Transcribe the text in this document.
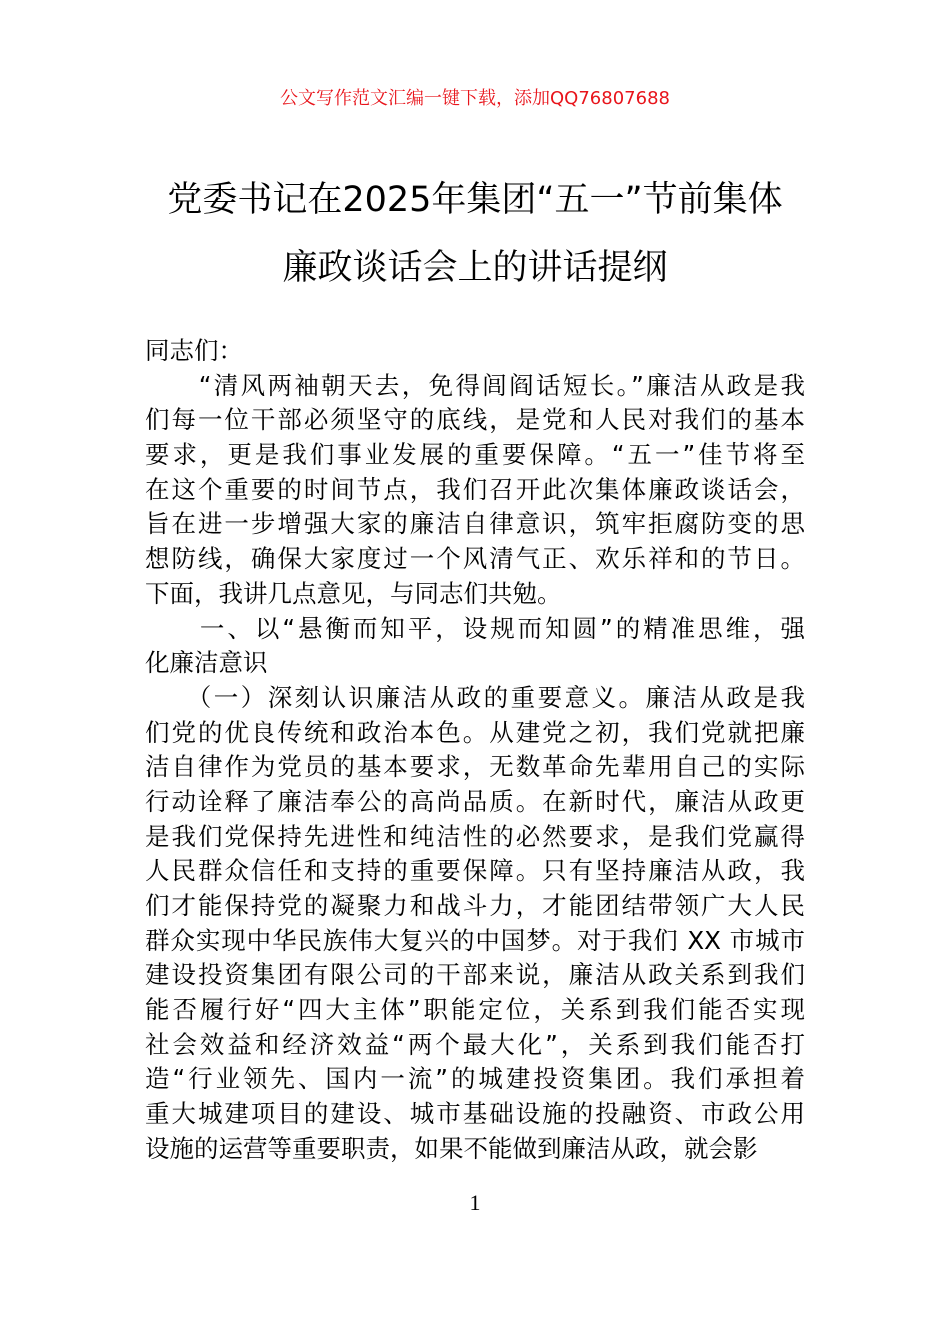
公文写作范文汇编一键下载，添加QQ76807688
党委书记在2025年集团“五一”节前集体
廉政谈话会上的讲话提纲
同志们：
　　“清风两袖朝天去，免得闾阎话短长。”廉洁从政是我
们每一位干部必须坚守的底线，是党和人民对我们的基本
要求，更是我们事业发展的重要保障。“五一”佳节将至
在这个重要的时间节点，我们召开此次集体廉政谈话会，
旨在进一步增强大家的廉洁自律意识，筑牢拒腐防变的思
想防线，确保大家度过一个风清气正、欢乐祥和的节日。
下面，我讲几点意见，与同志们共勉。
　　一、以“悬衡而知平，设规而知圆”的精准思维，强
化廉洁意识
　　（一）深刻认识廉洁从政的重要意义。廉洁从政是我
们党的优良传统和政治本色。从建党之初，我们党就把廉
洁自律作为党员的基本要求，无数革命先辈用自己的实际
行动诠释了廉洁奉公的高尚品质。在新时代，廉洁从政更
是我们党保持先进性和纯洁性的必然要求，是我们党赢得
人民群众信任和支持的重要保障。只有坚持廉洁从政，我
们才能保持党的凝聚力和战斗力，才能团结带领广大人民
群众实现中华民族伟大复兴的中国梦。对于我们 XX 市城市
建设投资集团有限公司的干部来说，廉洁从政关系到我们
能否履行好“四大主体”职能定位，关系到我们能否实现
社会效益和经济效益“两个最大化”，关系到我们能否打
造“行业领先、国内一流”的城建投资集团。我们承担着
重大城建项目的建设、城市基础设施的投融资、市政公用
设施的运营等重要职责，如果不能做到廉洁从政，就会影
1
